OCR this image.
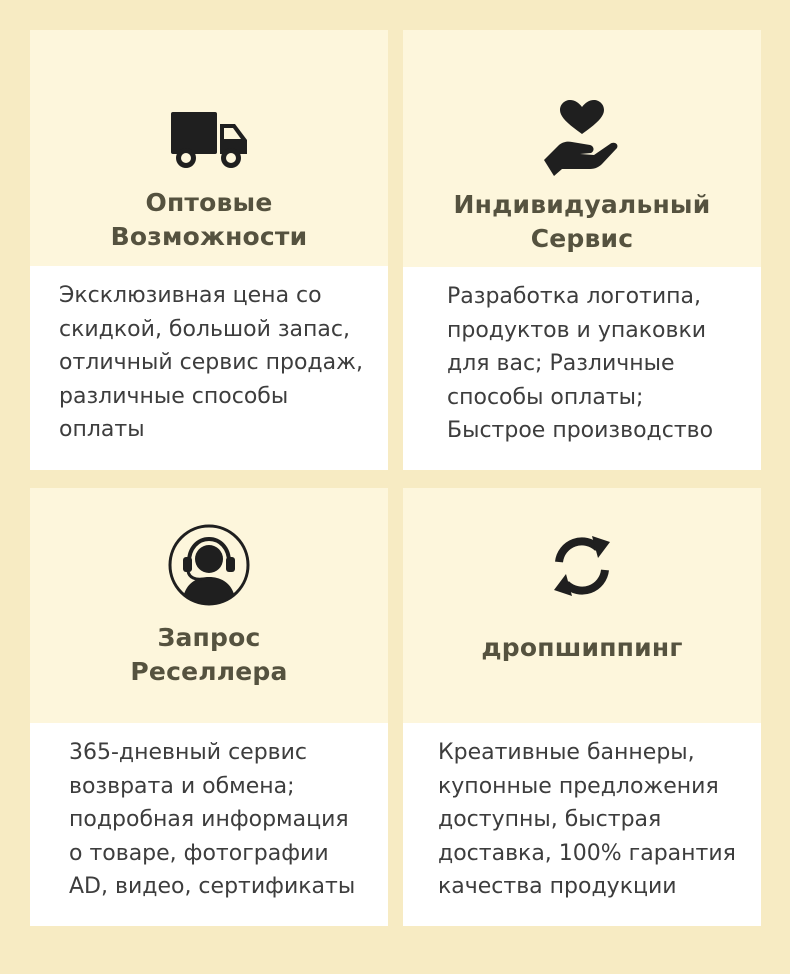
Оптовые
Возможности
Эксклюзивная цена со
скидкой, большой запас,
отличный сервис продаж,
различные способы
оплаты
Индивидуальный
Сервис
Разработка логотипа,
продуктов и упаковки
для вас; Различные
способы оплаты;
Быстрое производство
Запрос
Реселлера
365-дневный сервис
возврата и обмена;
подробная информация
о товаре, фотографии
AD, видео, сертификаты
дропшиппинг
Креативные баннеры,
купонные предложения
доступны, быстрая
доставка, 100% гарантия
качества продукции
